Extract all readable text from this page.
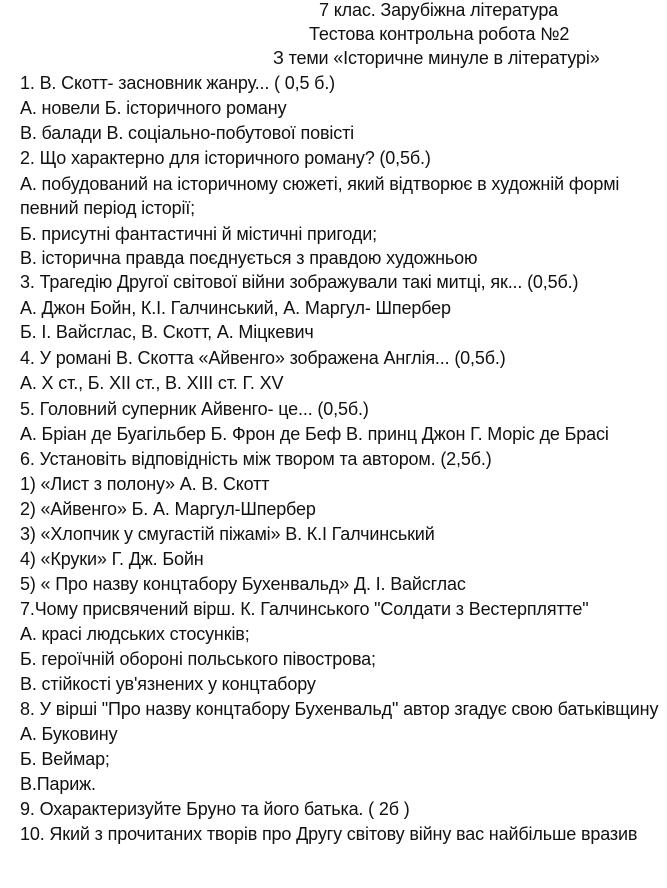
7 клас. Зарубіжна література
Тестова контрольна робота №2
З теми «Історичне минуле в літературі»
1. В. Скотт- засновник жанру... ( 0,5 б.)
А. новели Б. історичного роману
В. балади В. соціально-побутової повісті
2. Що характерно для історичного роману? (0,5б.)
А. побудований на історичному сюжеті, який відтворює в художній формі
певний період історії;
Б. присутні фантастичні й містичні пригоди;
В. історична правда поєднується з правдою художньою
3. Трагедію Другої світової війни зображували такі митці, як... (0,5б.)
А. Джон Бойн, К.І. Галчинський, А. Маргул- Шпербер
Б. І. Вайсглас, В. Скотт, А. Міцкевич
4. У романі В. Скотта «Айвенго» зображена Англія... (0,5б.)
А. Х ст., Б. ХІІ ст., В. ХІІІ ст. Г. ХV
5. Головний суперник Айвенго- це... (0,5б.)
А. Бріан де Буагільбер Б. Фрон де Беф В. принц Джон Г. Моріс де Брасі
6. Установіть відповідність між твором та автором. (2,5б.)
1) «Лист з полону» А. В. Скотт
2) «Айвенго» Б. А. Маргул-Шпербер
3) «Хлопчик у смугастій піжамі» В. К.І Галчинський
4) «Круки» Г. Дж. Бойн
5) « Про назву концтабору Бухенвальд» Д. І. Вайсглас
7.Чому присвячений вірш. К. Галчинського "Солдати з Вестерплятте"
А. красі людських стосунків;
Б. героїчній обороні польського півострова;
В. стійкості ув'язнених у концтабору
8. У вірші "Про назву концтабору Бухенвальд" автор згадує свою батьківщину
А. Буковину
Б. Веймар;
В.Париж.
9. Охарактеризуйте Бруно та його батька. ( 2б )
10. Який з прочитаних творів про Другу світову війну вас найбільше вразив
